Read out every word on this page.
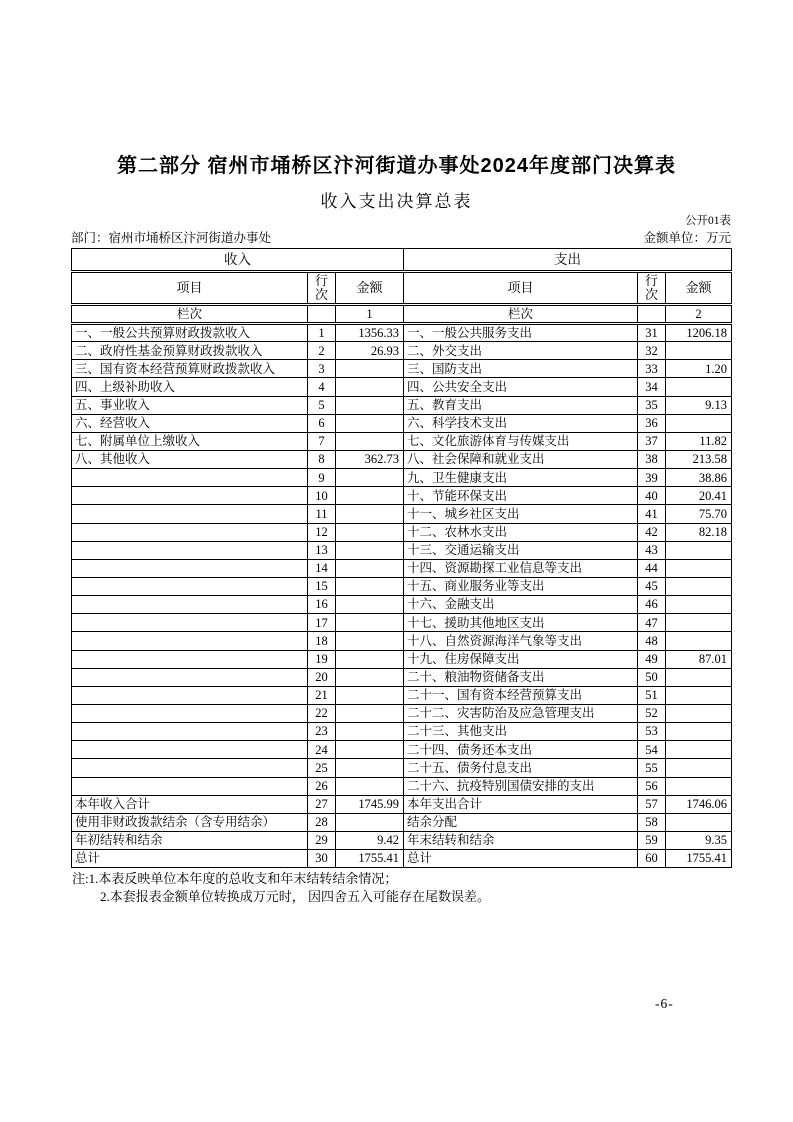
第二部分 宿州市埇桥区汴河街道办事处2024年度部门决算表
收入支出决算总表
公开01表
部门：宿州市埇桥区汴河街道办事处	金额单位：万元
收入			支出		
项目	行次	金额	项目	行次	金额
栏次		1	栏次		2
一、一般公共预算财政拨款收入	1	1356.33	一、一般公共服务支出	31	1206.18
二、政府性基金预算财政拨款收入	2	26.93	二、外交支出	32	
三、国有资本经营预算财政拨款收入	3		三、国防支出	33	1.20
四、上级补助收入	4		四、公共安全支出	34	
五、事业收入	5		五、教育支出	35	9.13
六、经营收入	6		六、科学技术支出	36	
七、附属单位上缴收入	7		七、文化旅游体育与传媒支出	37	11.82
八、其他收入	8	362.73	八、社会保障和就业支出	38	213.58
	9		九、卫生健康支出	39	38.86
	10		十、节能环保支出	40	20.41
	11		十一、城乡社区支出	41	75.70
	12		十二、农林水支出	42	82.18
	13		十三、交通运输支出	43	
	14		十四、资源勘探工业信息等支出	44	
	15		十五、商业服务业等支出	45	
	16		十六、金融支出	46	
	17		十七、援助其他地区支出	47	
	18		十八、自然资源海洋气象等支出	48	
	19		十九、住房保障支出	49	87.01
	20		二十、粮油物资储备支出	50	
	21		二十一、国有资本经营预算支出	51	
	22		二十二、灾害防治及应急管理支出	52	
	23		二十三、其他支出	53	
	24		二十四、债务还本支出	54	
	25		二十五、债务付息支出	55	
	26		二十六、抗疫特别国债安排的支出	56	
本年收入合计	27	1745.99	本年支出合计	57	1746.06
使用非财政拨款结余（含专用结余）	28		结余分配	58	
年初结转和结余	29	9.42	年末结转和结余	59	9.35
总计	30	1755.41	总计	60	1755.41
注:1.本表反映单位本年度的总收支和年末结转结余情况；
2.本套报表金额单位转换成万元时， 因四舍五入可能存在尾数误差。
-6-
